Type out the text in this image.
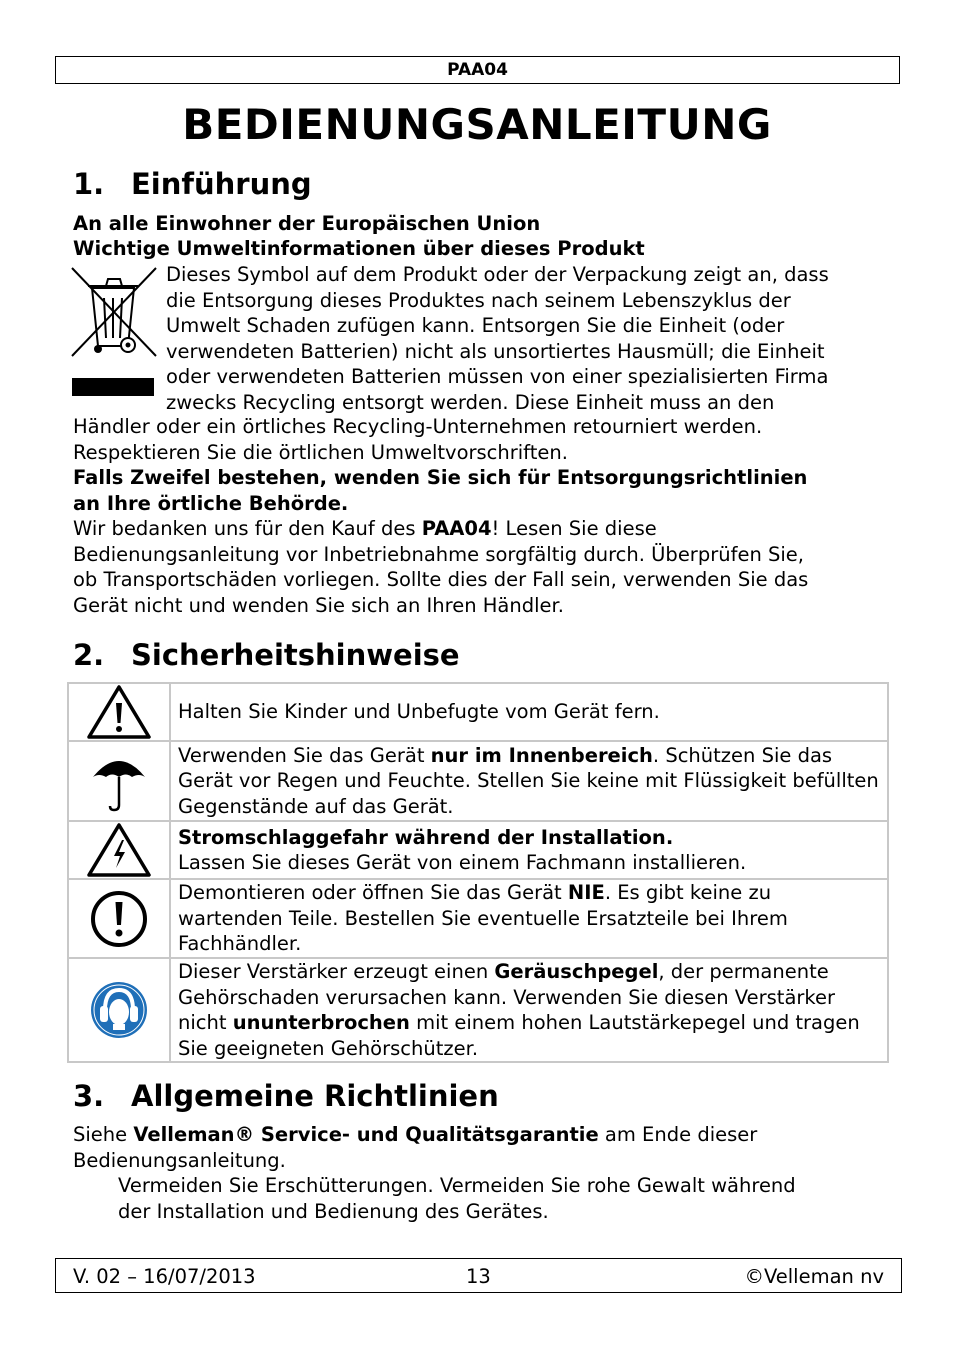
PAA04
BEDIENUNGSANLEITUNG
1. Einführung
An alle Einwohner der Europäischen Union
Wichtige Umweltinformationen über dieses Produkt
Dieses Symbol auf dem Produkt oder der Verpackung zeigt an, dass
die Entsorgung dieses Produktes nach seinem Lebenszyklus der
Umwelt Schaden zufügen kann. Entsorgen Sie die Einheit (oder
verwendeten Batterien) nicht als unsortiertes Hausmüll; die Einheit
oder verwendeten Batterien müssen von einer spezialisierten Firma
zwecks Recycling entsorgt werden. Diese Einheit muss an den
Händler oder ein örtliches Recycling-Unternehmen retourniert werden.
Respektieren Sie die örtlichen Umweltvorschriften.
Falls Zweifel bestehen, wenden Sie sich für Entsorgungsrichtlinien
an Ihre örtliche Behörde.
Wir bedanken uns für den Kauf des PAA04! Lesen Sie diese
Bedienungsanleitung vor Inbetriebnahme sorgfältig durch. Überprüfen Sie,
ob Transportschäden vorliegen. Sollte dies der Fall sein, verwenden Sie das
Gerät nicht und wenden Sie sich an Ihren Händler.
2. Sicherheitshinweise
	Halten Sie Kinder und Unbefugte vom Gerät fern.

	Verwenden Sie das Gerät nur im Innenbereich. Schützen Sie das Gerät vor Regen und Feuchte. Stellen Sie keine mit Flüssigkeit befüllten Gegenstände auf das Gerät.

Stromschlaggefahr während der Installation.
Lassen Sie dieses Gerät von einem Fachmann installieren.

	Demontieren oder öffnen Sie das Gerät NIE. Es gibt keine zu wartenden Teile. Bestellen Sie eventuelle Ersatzteile bei Ihrem Fachhändler.

	Dieser Verstärker erzeugt einen Geräuschpegel, der permanente Gehörschaden verursachen kann. Verwenden Sie diesen Verstärker nicht ununterbrochen mit einem hohen Lautstärkepegel und tragen Sie geeigneten Gehörschützer.
3. Allgemeine Richtlinien
Siehe Velleman® Service- und Qualitätsgarantie am Ende dieser
Bedienungsanleitung.
Vermeiden Sie Erschütterungen. Vermeiden Sie rohe Gewalt während
der Installation und Bedienung des Gerätes.
V. 02 – 16/07/2013	13	©Velleman nv
